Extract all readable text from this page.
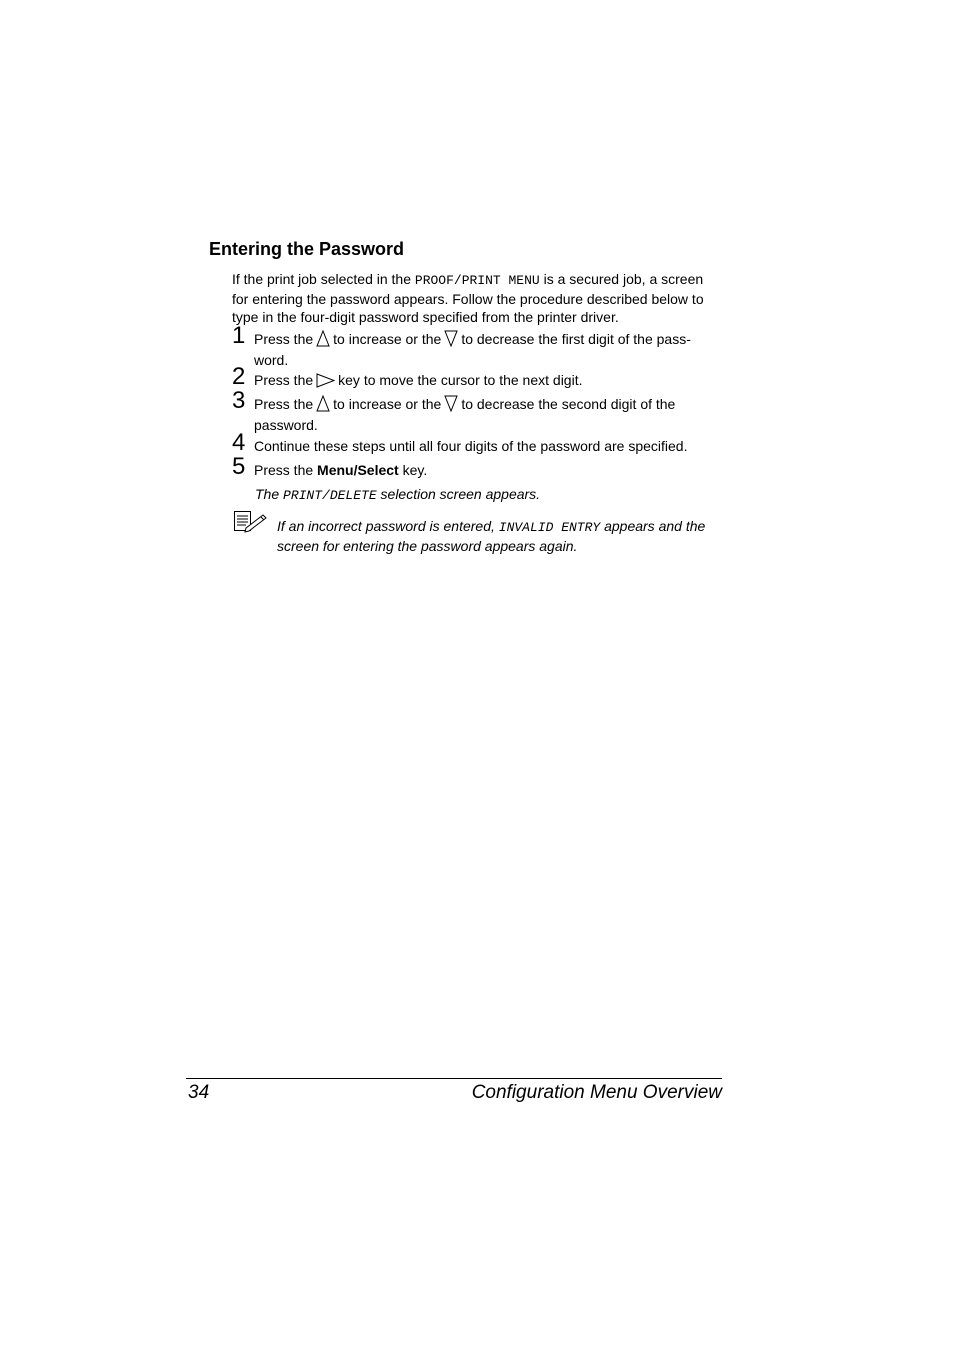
Entering the Password
If the print job selected in the PROOF/PRINT MENU is a secured job, a screen for entering the password appears. Follow the procedure described below to type in the four-digit password specified from the printer driver.
1 Press the to increase or the to decrease the first digit of the pass-word.
2 Press the key to move the cursor to the next digit.
3 Press the to increase or the to decrease the second digit of the password.
4 Continue these steps until all four digits of the password are specified.
5 Press the Menu/Select key.
The PRINT/DELETE selection screen appears.
If an incorrect password is entered, INVALID ENTRY appears and the screen for entering the password appears again.
34	Configuration Menu Overview
